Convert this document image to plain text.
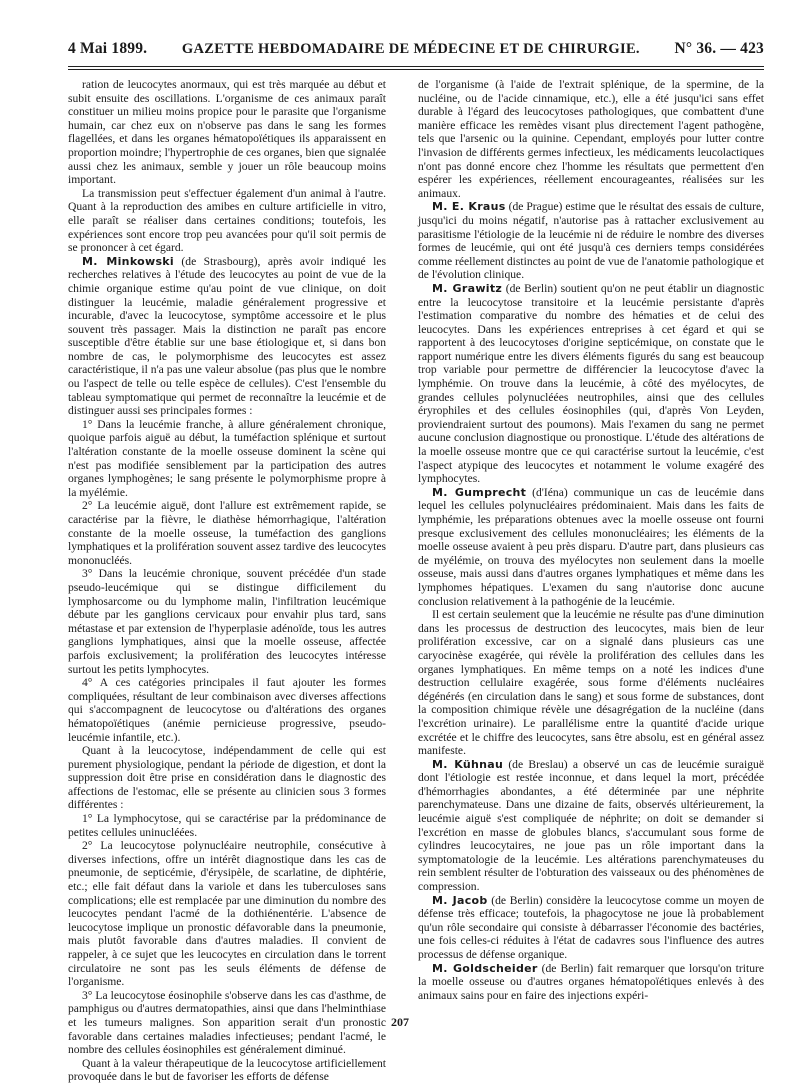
4 Mai 1899. GAZETTE HEBDOMADAIRE DE MÉDECINE ET DE CHIRURGIE. N° 36. — 423

ration de leucocytes anormaux, qui est très marquée au début et subit ensuite des oscillations. L'organisme de ces animaux paraît constituer un milieu moins propice pour le parasite que l'organisme humain, car chez eux on n'observe pas dans le sang les formes flagellées, et dans les organes hématopoïétiques ils apparaissent en proportion moindre; l'hypertrophie de ces organes, bien que signalée aussi chez les animaux, semble y jouer un rôle beaucoup moins important.

La transmission peut s'effectuer également d'un animal à l'autre. Quant à la reproduction des amibes en culture artificielle in vitro, elle paraît se réaliser dans certaines conditions; toutefois, les expériences sont encore trop peu avancées pour qu'il soit permis de se prononcer à cet égard.

M. Minkowski (de Strasbourg), après avoir indiqué les recherches relatives à l'étude des leucocytes au point de vue de la chimie organique estime qu'au point de vue clinique, on doit distinguer la leucémie, maladie généralement progressive et incurable, d'avec la leucocytose, symptôme accessoire et le plus souvent très passager. Mais la distinction ne paraît pas encore susceptible d'être établie sur une base étiologique et, si dans bon nombre de cas, le polymorphisme des leucocytes est assez caractéristique, il n'a pas une valeur absolue (pas plus que le nombre ou l'aspect de telle ou telle espèce de cellules). C'est l'ensemble du tableau symptomatique qui permet de reconnaître la leucémie et de distinguer aussi ses principales formes :

1° Dans la leucémie franche, à allure généralement chronique, quoique parfois aiguë au début, la tuméfaction splénique et surtout l'altération constante de la moelle osseuse dominent la scène qui n'est pas modifiée sensiblement par la participation des autres organes lymphogènes; le sang présente le polymorphisme propre à la myélémie.

2° La leucémie aiguë, dont l'allure est extrêmement rapide, se caractérise par la fièvre, le diathèse hémorrhagique, l'altération constante de la moelle osseuse, la tuméfaction des ganglions lymphatiques et la prolifération souvent assez tardive des leucocytes mononucléés.

3° Dans la leucémie chronique, souvent précédée d'un stade pseudo-leucémique qui se distingue difficilement du lymphosarcome ou du lymphome malin, l'infiltration leucémique débute par les ganglions cervicaux pour envahir plus tard, sans métastase et par extension de l'hyperplasie adénoïde, tous les autres ganglions lymphatiques, ainsi que la moelle osseuse, affectée parfois exclusivement; la prolifération des leucocytes intéresse surtout les petits lymphocytes.

4° A ces catégories principales il faut ajouter les formes compliquées, résultant de leur combinaison avec diverses affections qui s'accompagnent de leucocytose ou d'altérations des organes hématopoïétiques (anémie pernicieuse progressive, pseudo-leucémie infantile, etc.).

Quant à la leucocytose, indépendamment de celle qui est purement physiologique, pendant la période de digestion, et dont la suppression doit être prise en considération dans le diagnostic des affections de l'estomac, elle se présente au clinicien sous 3 formes différentes :

1° La lymphocytose, qui se caractérise par la prédominance de petites cellules uninucléées.

2° La leucocytose polynucléaire neutrophile, consécutive à diverses infections, offre un intérêt diagnostique dans les cas de pneumonie, de septicémie, d'érysipèle, de scarlatine, de diphtérie, etc.; elle fait défaut dans la variole et dans les tuberculoses sans complications; elle est remplacée par une diminution du nombre des leucocytes pendant l'acmé de la dothiénentérie. L'absence de leucocytose implique un pronostic défavorable dans la pneumonie, mais plutôt favorable dans d'autres maladies. Il convient de rappeler, à ce sujet que les leucocytes en circulation dans le torrent circulatoire ne sont pas les seuls éléments de défense de l'organisme.

3° La leucocytose éosinophile s'observe dans les cas d'asthme, de pamphigus ou d'autres dermatopathies, ainsi que dans l'helminthiase et les tumeurs malignes. Son apparition serait d'un pronostic favorable dans certaines maladies infectieuses; pendant l'acmé, le nombre des cellules éosinophiles est généralement diminué.

Quant à la valeur thérapeutique de la leucocytose artificiellement provoquée dans le but de favoriser les efforts de défense

de l'organisme (à l'aide de l'extrait splénique, de la spermine, de la nucléine, ou de l'acide cinnamique, etc.), elle a été jusqu'ici sans effet durable à l'égard des leucocytoses pathologiques, que combattent d'une manière efficace les remèdes visant plus directement l'agent pathogène, tels que l'arsenic ou la quinine. Cependant, employés pour lutter contre l'invasion de différents germes infectieux, les médicaments leucolactiques n'ont pas donné encore chez l'homme les résultats que permettent d'en espérer les expériences, réellement encourageantes, réalisées sur les animaux.

M. E. Kraus (de Prague) estime que le résultat des essais de culture, jusqu'ici du moins négatif, n'autorise pas à rattacher exclusivement au parasitisme l'étiologie de la leucémie ni de réduire le nombre des diverses formes de leucémie, qui ont été jusqu'à ces derniers temps considérées comme réellement distinctes au point de vue de l'anatomie pathologique et de l'évolution clinique.

M. Grawitz (de Berlin) soutient qu'on ne peut établir un diagnostic entre la leucocytose transitoire et la leucémie persistante d'après l'estimation comparative du nombre des hématies et de celui des leucocytes. Dans les expériences entreprises à cet égard et qui se rapportent à des leucocytoses d'origine septicémique, on constate que le rapport numérique entre les divers éléments figurés du sang est beaucoup trop variable pour permettre de différencier la leucocytose d'avec la lymphémie. On trouve dans la leucémie, à côté des myélocytes, de grandes cellules polynucléées neutrophiles, ainsi que des cellules éryrophiles et des cellules éosinophiles (qui, d'après Von Leyden, proviendraient surtout des poumons). Mais l'examen du sang ne permet aucune conclusion diagnostique ou pronostique. L'étude des altérations de la moelle osseuse montre que ce qui caractérise surtout la leucémie, c'est l'aspect atypique des leucocytes et notamment le volume exagéré des lymphocytes.

M. Gumprecht (d'Iéna) communique un cas de leucémie dans lequel les cellules polynucléaires prédominaient. Mais dans les faits de lymphémie, les préparations obtenues avec la moelle osseuse ont fourni presque exclusivement des cellules mononucléaires; les éléments de la moelle osseuse avaient à peu près disparu. D'autre part, dans plusieurs cas de myélémie, on trouva des myélocytes non seulement dans la moelle osseuse, mais aussi dans d'autres organes lymphatiques et même dans les lymphomes hépatiques. L'examen du sang n'autorise donc aucune conclusion relativement à la pathogénie de la leucémie.

Il est certain seulement que la leucémie ne résulte pas d'une diminution dans les processus de destruction des leucocytes, mais bien de leur prolifération excessive, car on a signalé dans plusieurs cas une caryocinèse exagérée, qui révèle la prolifération des cellules dans les organes lymphatiques. En même temps on a noté les indices d'une destruction cellulaire exagérée, sous forme d'éléments nucléaires dégénérés (en circulation dans le sang) et sous forme de substances, dont la composition chimique révèle une désagrégation de la nucléine (dans l'excrétion urinaire). Le parallélisme entre la quantité d'acide urique excrétée et le chiffre des leucocytes, sans être absolu, est en général assez manifeste.

M. Kühnau (de Breslau) a observé un cas de leucémie suraiguë dont l'étiologie est restée inconnue, et dans lequel la mort, précédée d'hémorrhagies abondantes, a été déterminée par une néphrite parenchymateuse. Dans une dizaine de faits, observés ultérieurement, la leucémie aiguë s'est compliquée de néphrite; on doit se demander si l'excrétion en masse de globules blancs, s'accumulant sous forme de cylindres leucocytaires, ne joue pas un rôle important dans la symptomatologie de la leucémie. Les altérations parenchymateuses du rein semblent résulter de l'obturation des vaisseaux ou des phénomènes de compression.

M. Jacob (de Berlin) considère la leucocytose comme un moyen de défense très efficace; toutefois, la phagocytose ne joue là probablement qu'un rôle secondaire qui consiste à débarrasser l'économie des bactéries, une fois celles-ci réduites à l'état de cadavres sous l'influence des autres processus de défense organique.

M. Goldscheider (de Berlin) fait remarquer que lorsqu'on triture la moelle osseuse ou d'autres organes hématopoïétiques enlevés à des animaux sains pour en faire des injections expéri-

207
